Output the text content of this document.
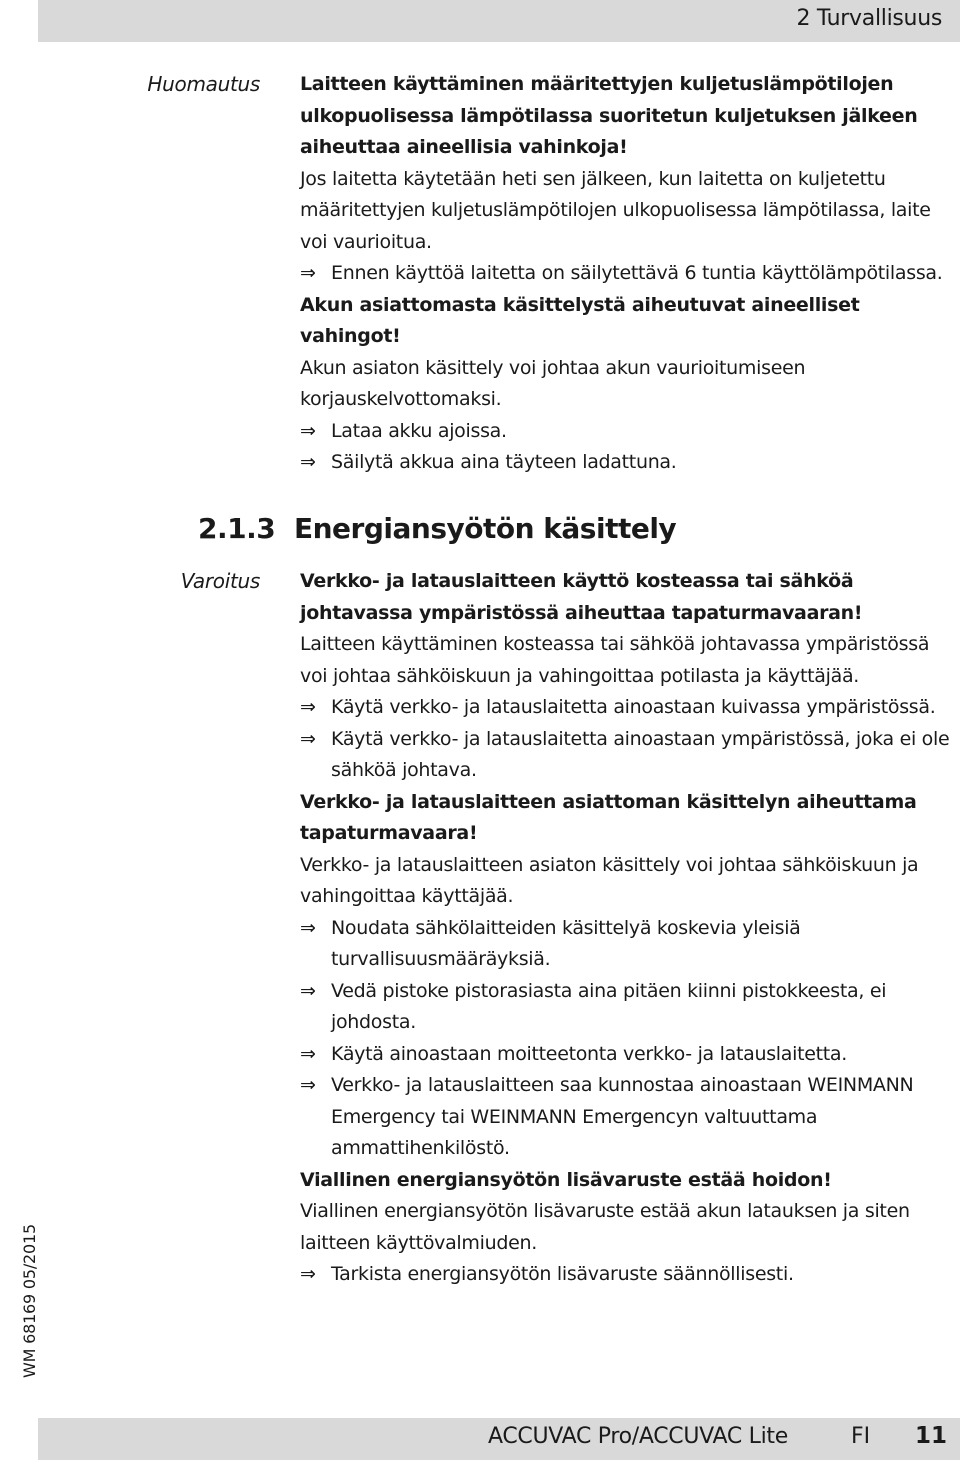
2 Turvallisuus
WM 68169 05/2015
Huomautus Laitteen käyttäminen määritettyjen kuljetuslämpötilojen ulkopuolisessa lämpötilassa suoritetun kuljetuksen jälkeen aiheuttaa aineellisia vahinkoja!

Jos laitetta käytetään heti sen jälkeen, kun laitetta on kuljetettu määritettyjen kuljetuslämpötilojen ulkopuolisessa lämpötilassa, laite voi vaurioitua.

⇒ Ennen käyttöä laitetta on säilytettävä 6 tuntia käyttölämpötilassa.

Akun asiattomasta käsittelystä aiheutuvat aineelliset vahingot!

Akun asiaton käsittely voi johtaa akun vaurioitumiseen korjauskelvottomaksi.

⇒ Lataa akku ajoissa.

⇒ Säilytä akkua aina täyteen ladattuna.

2.1.3 Energiansyötön käsittely
Varoitus Verkko- ja latauslaitteen käyttö kosteassa tai sähköä johtavassa ympäristössä aiheuttaa tapaturmavaaran!

Laitteen käyttäminen kosteassa tai sähköä johtavassa ympäristössä voi johtaa sähköiskuun ja vahingoittaa potilasta ja käyttäjää.

⇒ Käytä verkko- ja latauslaitetta ainoastaan kuivassa ympäristössä.

⇒ Käytä verkko- ja latauslaitetta ainoastaan ympäristössä, joka ei ole sähköä johtava.

Verkko- ja latauslaitteen asiattoman käsittelyn aiheuttama tapaturmavaara!

Verkko- ja latauslaitteen asiaton käsittely voi johtaa sähköiskuun ja vahingoittaa käyttäjää.

⇒ Noudata sähkölaitteiden käsittelyä koskevia yleisiä turvallisuusmääräyksiä.

⇒ Vedä pistoke pistorasiasta aina pitäen kiinni pistokkeesta, ei johdosta.

⇒ Käytä ainoastaan moitteetonta verkko- ja latauslaitetta.

⇒ Verkko- ja latauslaitteen saa kunnostaa ainoastaan WEINMANN Emergency tai WEINMANN Emergencyn valtuuttama ammattihenkilöstö.

Viallinen energiansyötön lisävaruste estää hoidon!

Viallinen energiansyötön lisävaruste estää akun latauksen ja siten laitteen käyttövalmiuden.

⇒ Tarkista energiansyötön lisävaruste säännöllisesti.

ACCUVAC Pro/ACCUVAC Lite	FI 11
